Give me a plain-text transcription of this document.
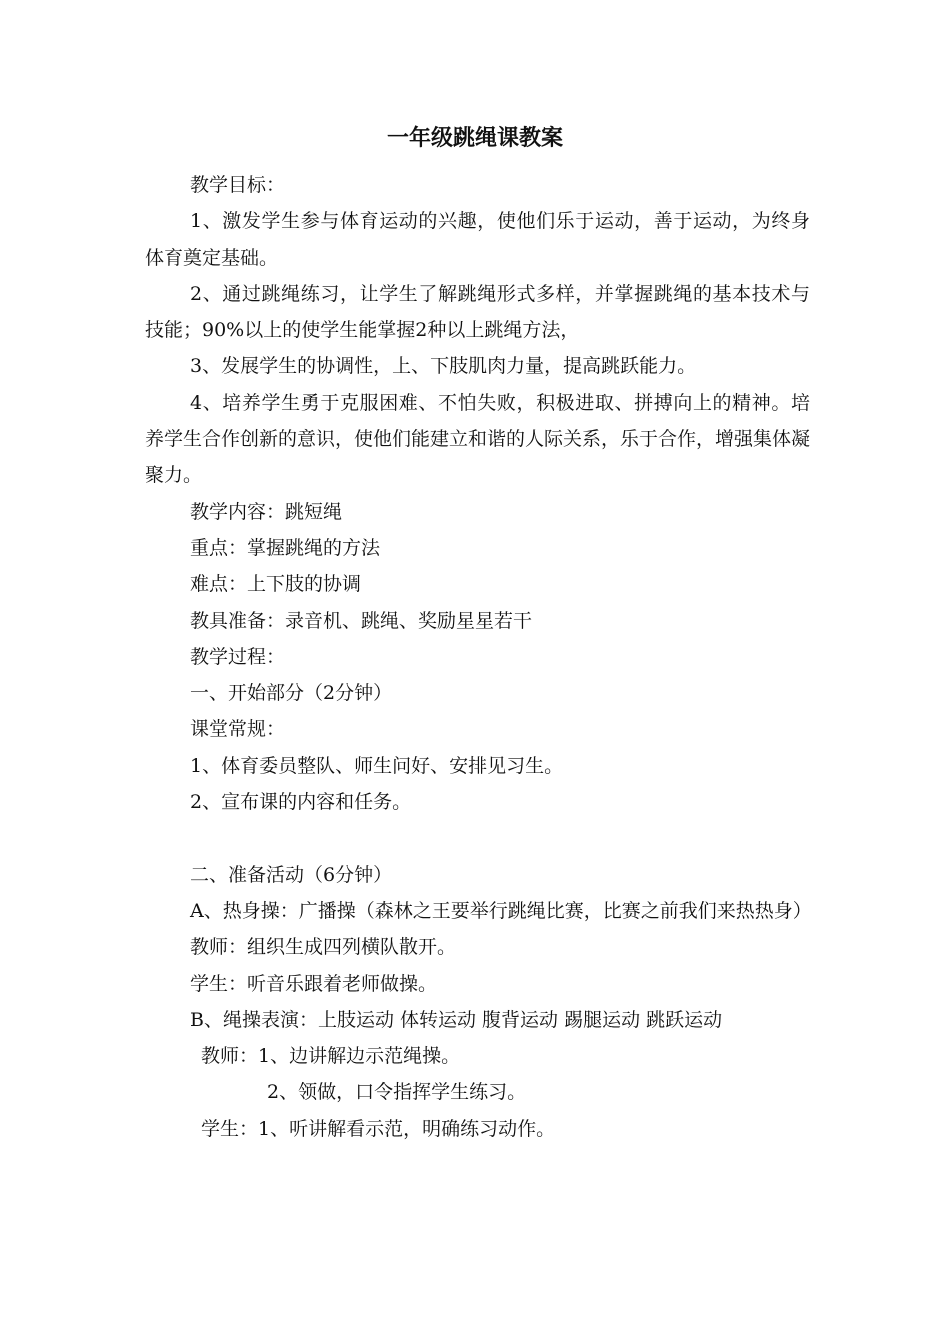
一年级跳绳课教案

教学目标：

1、激发学生参与体育运动的兴趣，使他们乐于运动，善于运动，为终身体育奠定基础。

2、通过跳绳练习，让学生了解跳绳形式多样，并掌握跳绳的基本技术与技能；90%以上的使学生能掌握2种以上跳绳方法，

3、发展学生的协调性，上、下肢肌肉力量，提高跳跃能力。

4、培养学生勇于克服困难、不怕失败，积极进取、拼搏向上的精神。培养学生合作创新的意识，使他们能建立和谐的人际关系，乐于合作，增强集体凝聚力。

教学内容：跳短绳

重点：掌握跳绳的方法

难点：上下肢的协调

教具准备：录音机、跳绳、奖励星星若干

教学过程：

一、开始部分（2分钟）

课堂常规：

1、体育委员整队、师生问好、安排见习生。

2、宣布课的内容和任务。

二、准备活动（6分钟）

A、热身操：广播操（森林之王要举行跳绳比赛，比赛之前我们来热热身）

教师：组织生成四列横队散开。

学生：听音乐跟着老师做操。

B、绳操表演：上肢运动 体转运动 腹背运动 踢腿运动 跳跃运动

教师：1、边讲解边示范绳操。

2、领做，口令指挥学生练习。

学生：1、听讲解看示范，明确练习动作。
